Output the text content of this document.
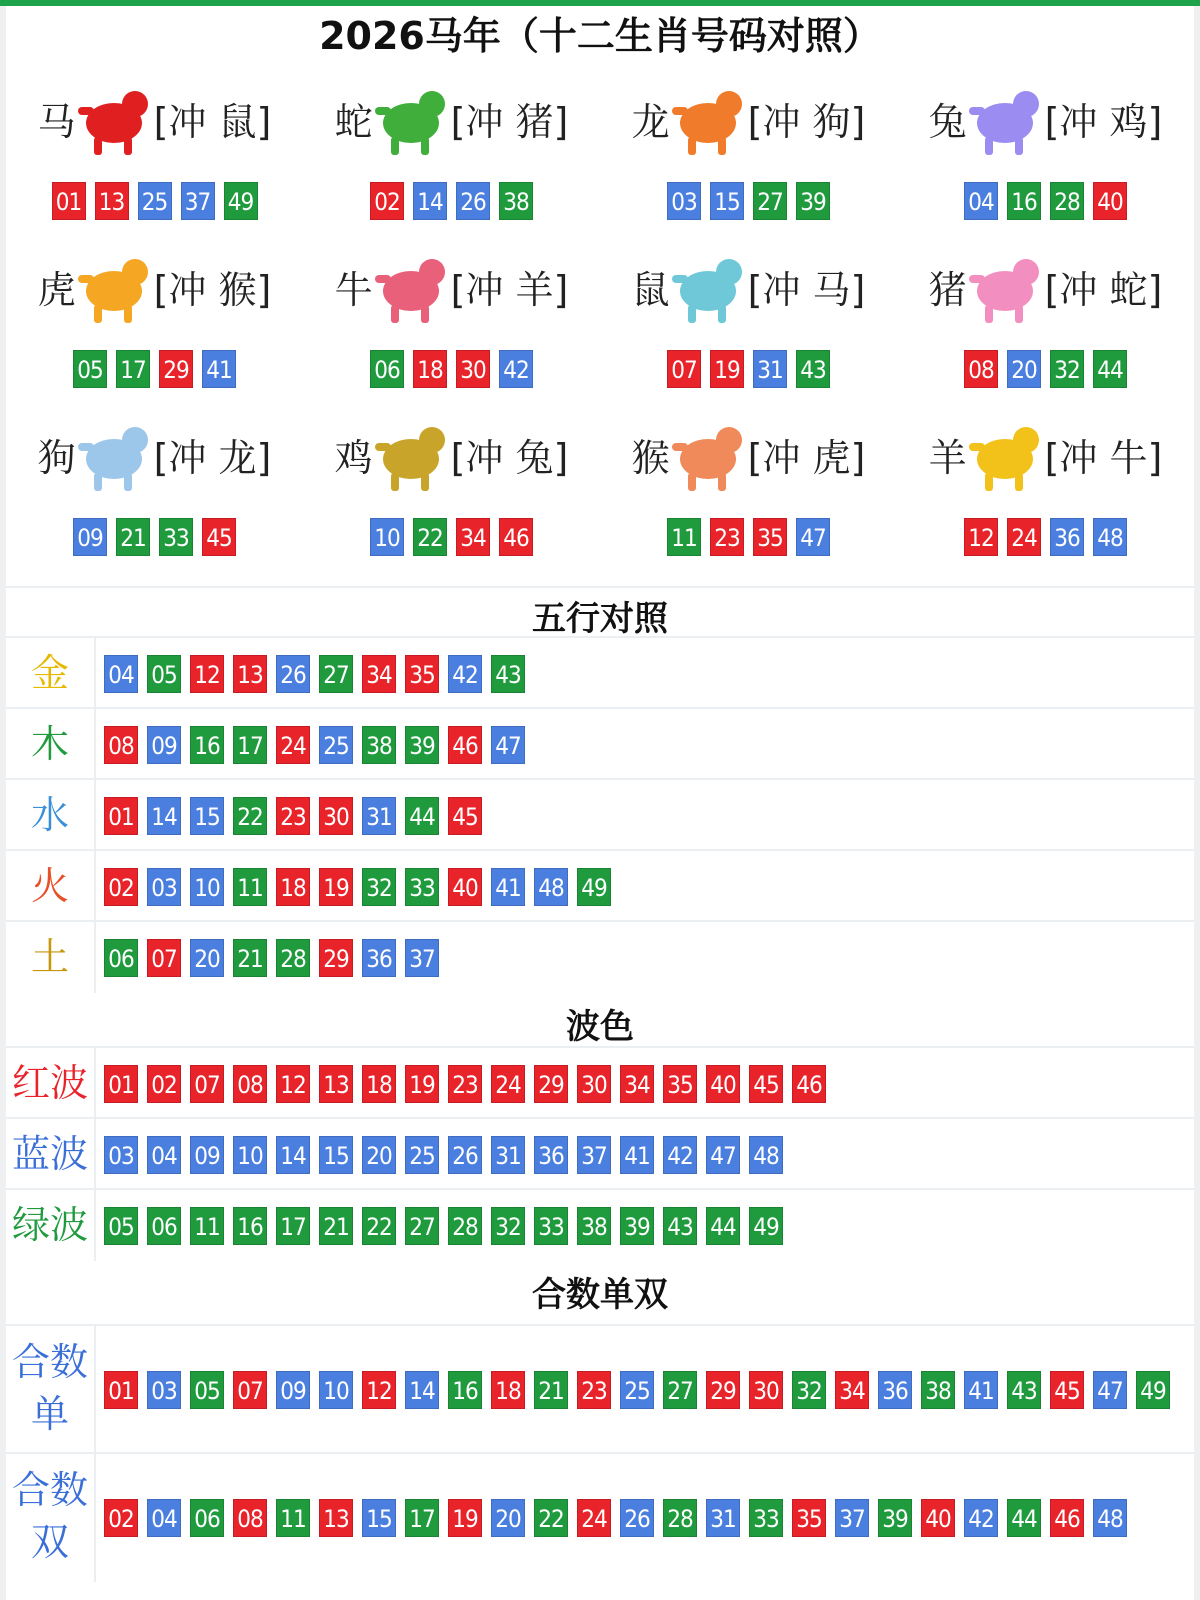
2026马年（十二生肖号码对照）
马 [冲 鼠]
01 13 25 37 49
蛇 [冲 猪]
02 14 26 38
龙 [冲 狗]
03 15 27 39
兔 [冲 鸡]
04 16 28 40
虎 [冲 猴]
05 17 29 41
牛 [冲 羊]
06 18 30 42
鼠 [冲 马]
07 19 31 43
猪 [冲 蛇]
08 20 32 44
狗 [冲 龙]
09 21 33 45
鸡 [冲 兔]
10 22 34 46
猴 [冲 虎]
11 23 35 47
羊 [冲 牛]
12 24 36 48
五行对照
金	04 05 12 13 26 27 34 35 42 43
木	08 09 16 17 24 25 38 39 46 47
水	01 14 15 22 23 30 31 44 45
火	02 03 10 11 18 19 32 33 40 41 48 49
土	06 07 20 21 28 29 36 37
波色
红波 01 02 07 08 12 13 18 19 23 24 29 30 34 35 40 45 46
蓝波 03 04 09 10 14 15 20 25 26 31 36 37 41 42 47 48
绿波 05 06 11 16 17 21 22 27 28 32 33 38 39 43 44 49
合数单双
合数
单
01 03 05 07 09 10 12 14 16 18 21 23 25 27 29 30 32 34 36 38 41 43 45 47 49
合数
双
02 04 06 08 11 13 15 17 19 20 22 24 26 28 31 33 35 37 39 40 42 44 46 48
